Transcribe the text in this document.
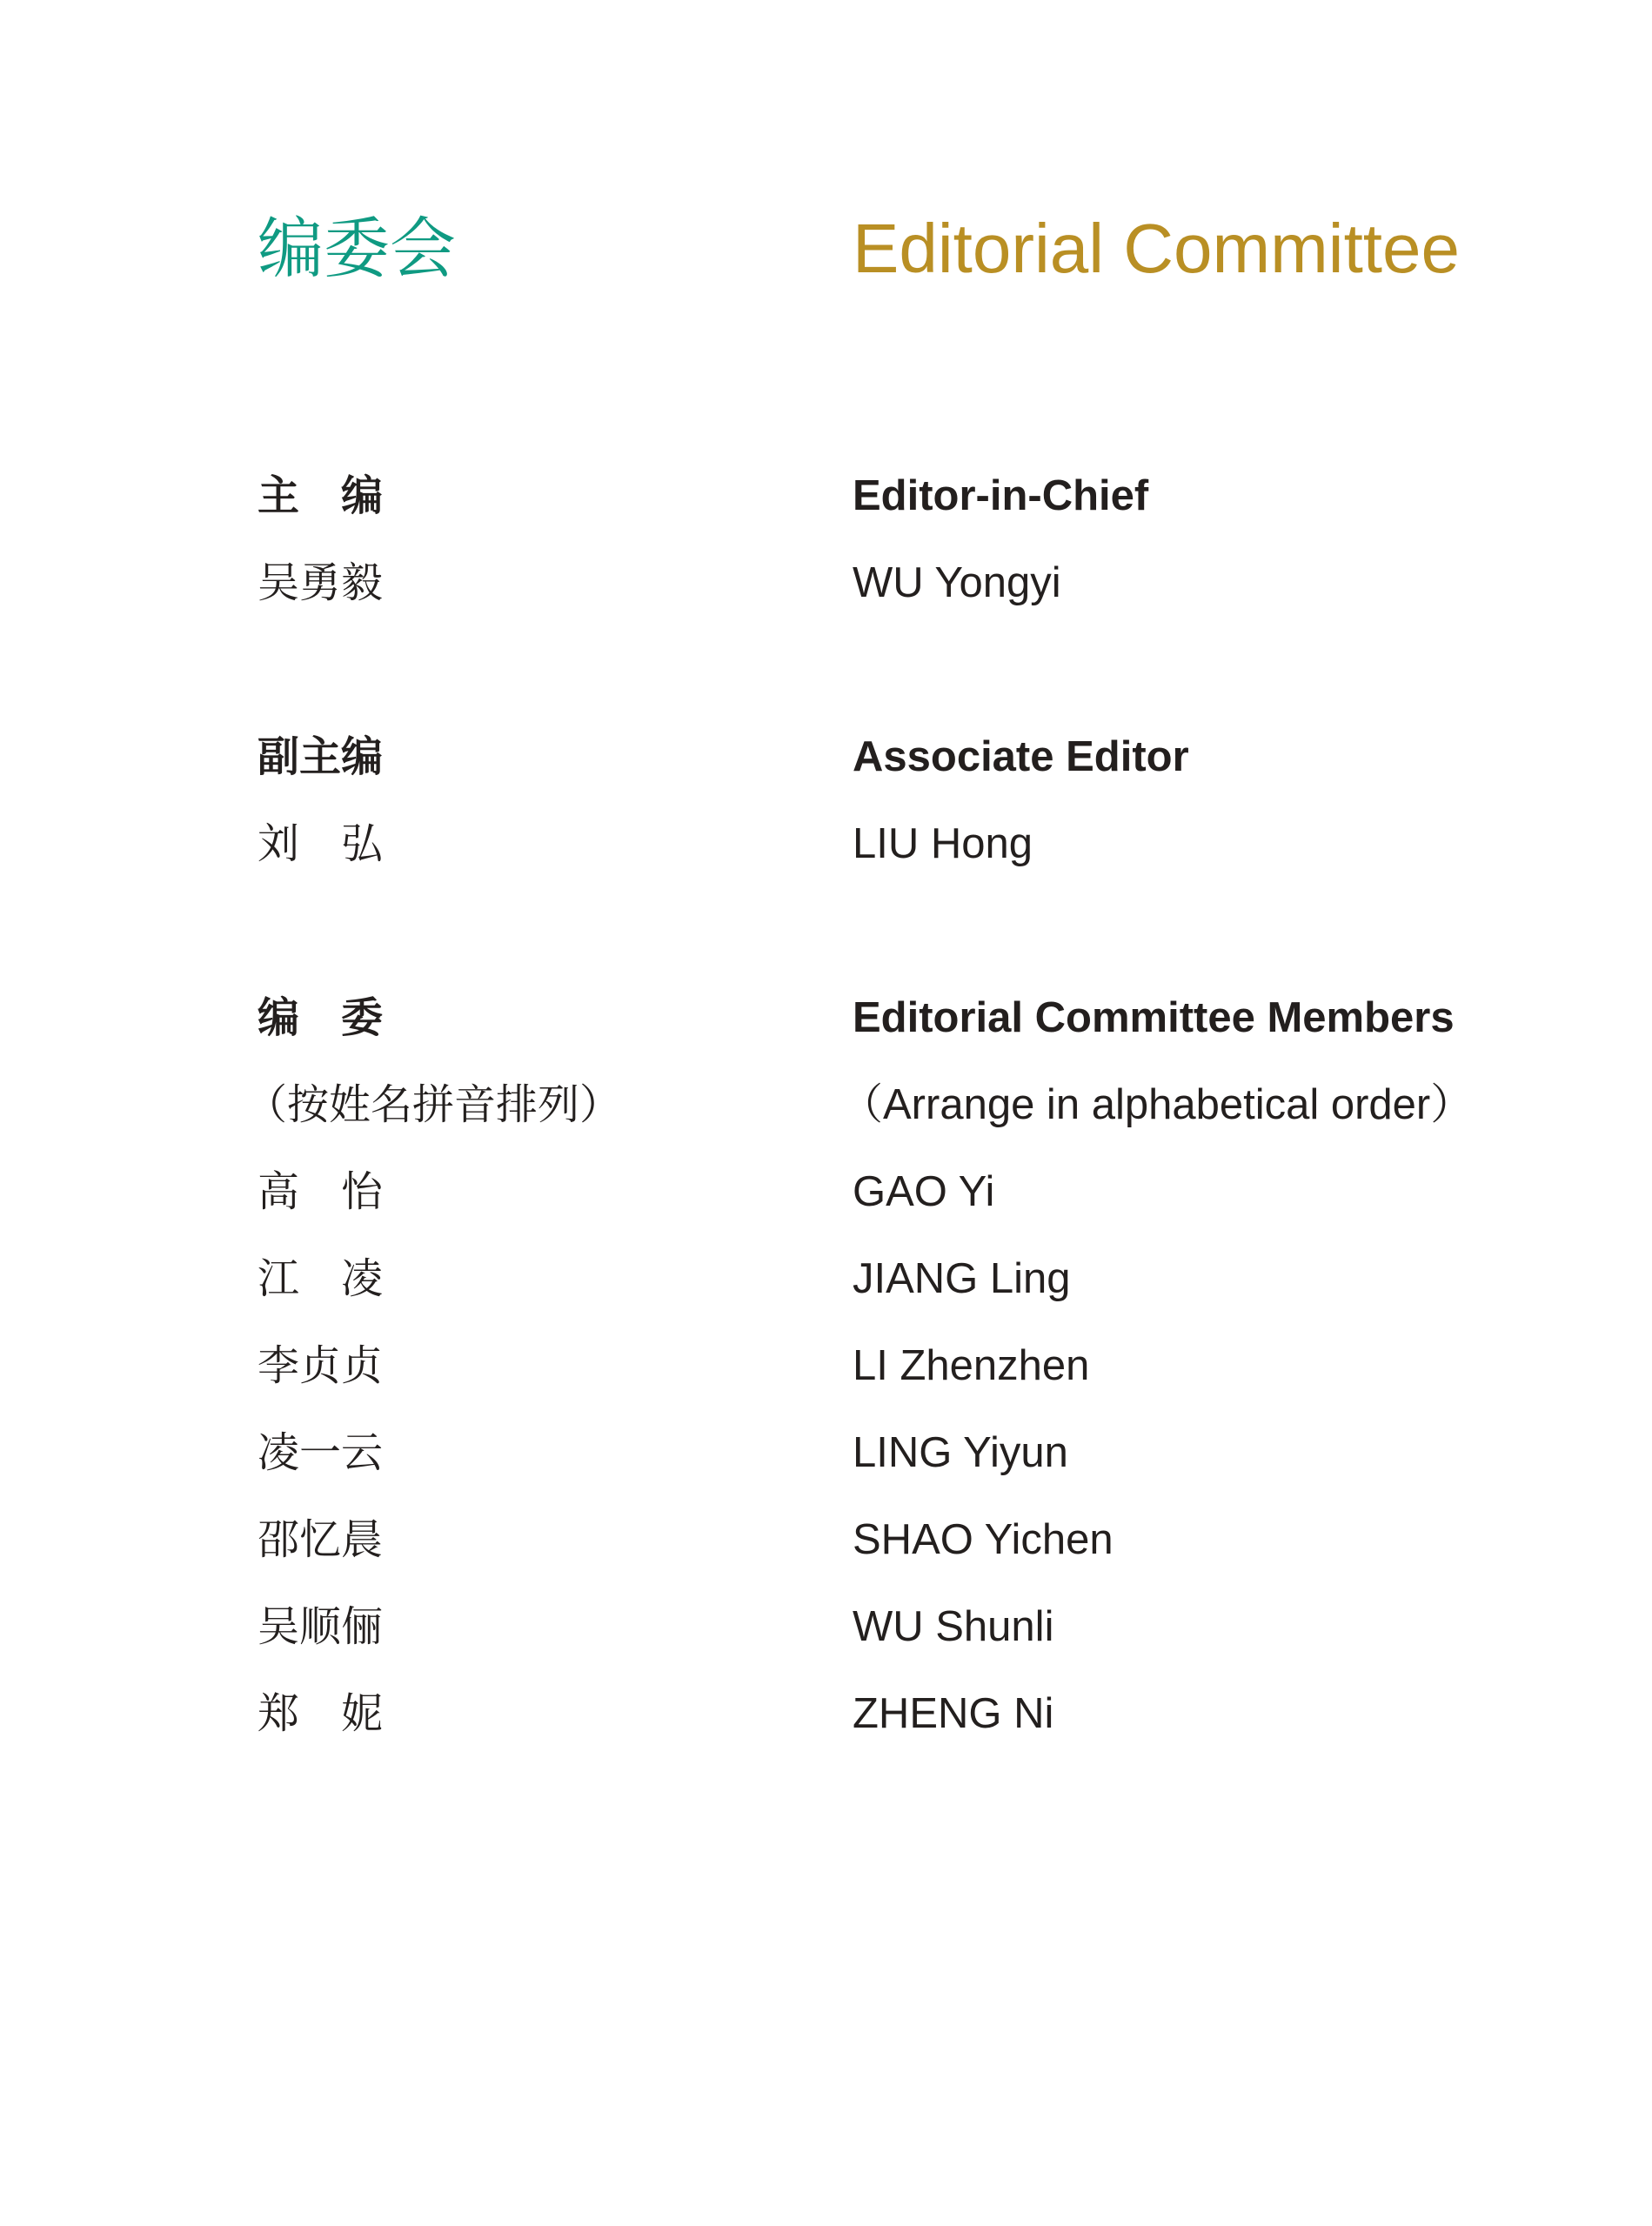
编委会	Editorial Committee
主　编	Editor-in-Chief
吴勇毅	WU Yongyi
副主编	Associate Editor
刘　弘	LIU Hong
编　委	Editorial Committee Members
（按姓名拼音排列）	（Arrange in alphabetical order）
高　怡	GAO Yi
江　凌	JIANG Ling
李贞贞	LI Zhenzhen
凌一云	LING Yiyun
邵忆晨	SHAO Yichen
吴顺俪	WU Shunli
郑　妮	ZHENG Ni
